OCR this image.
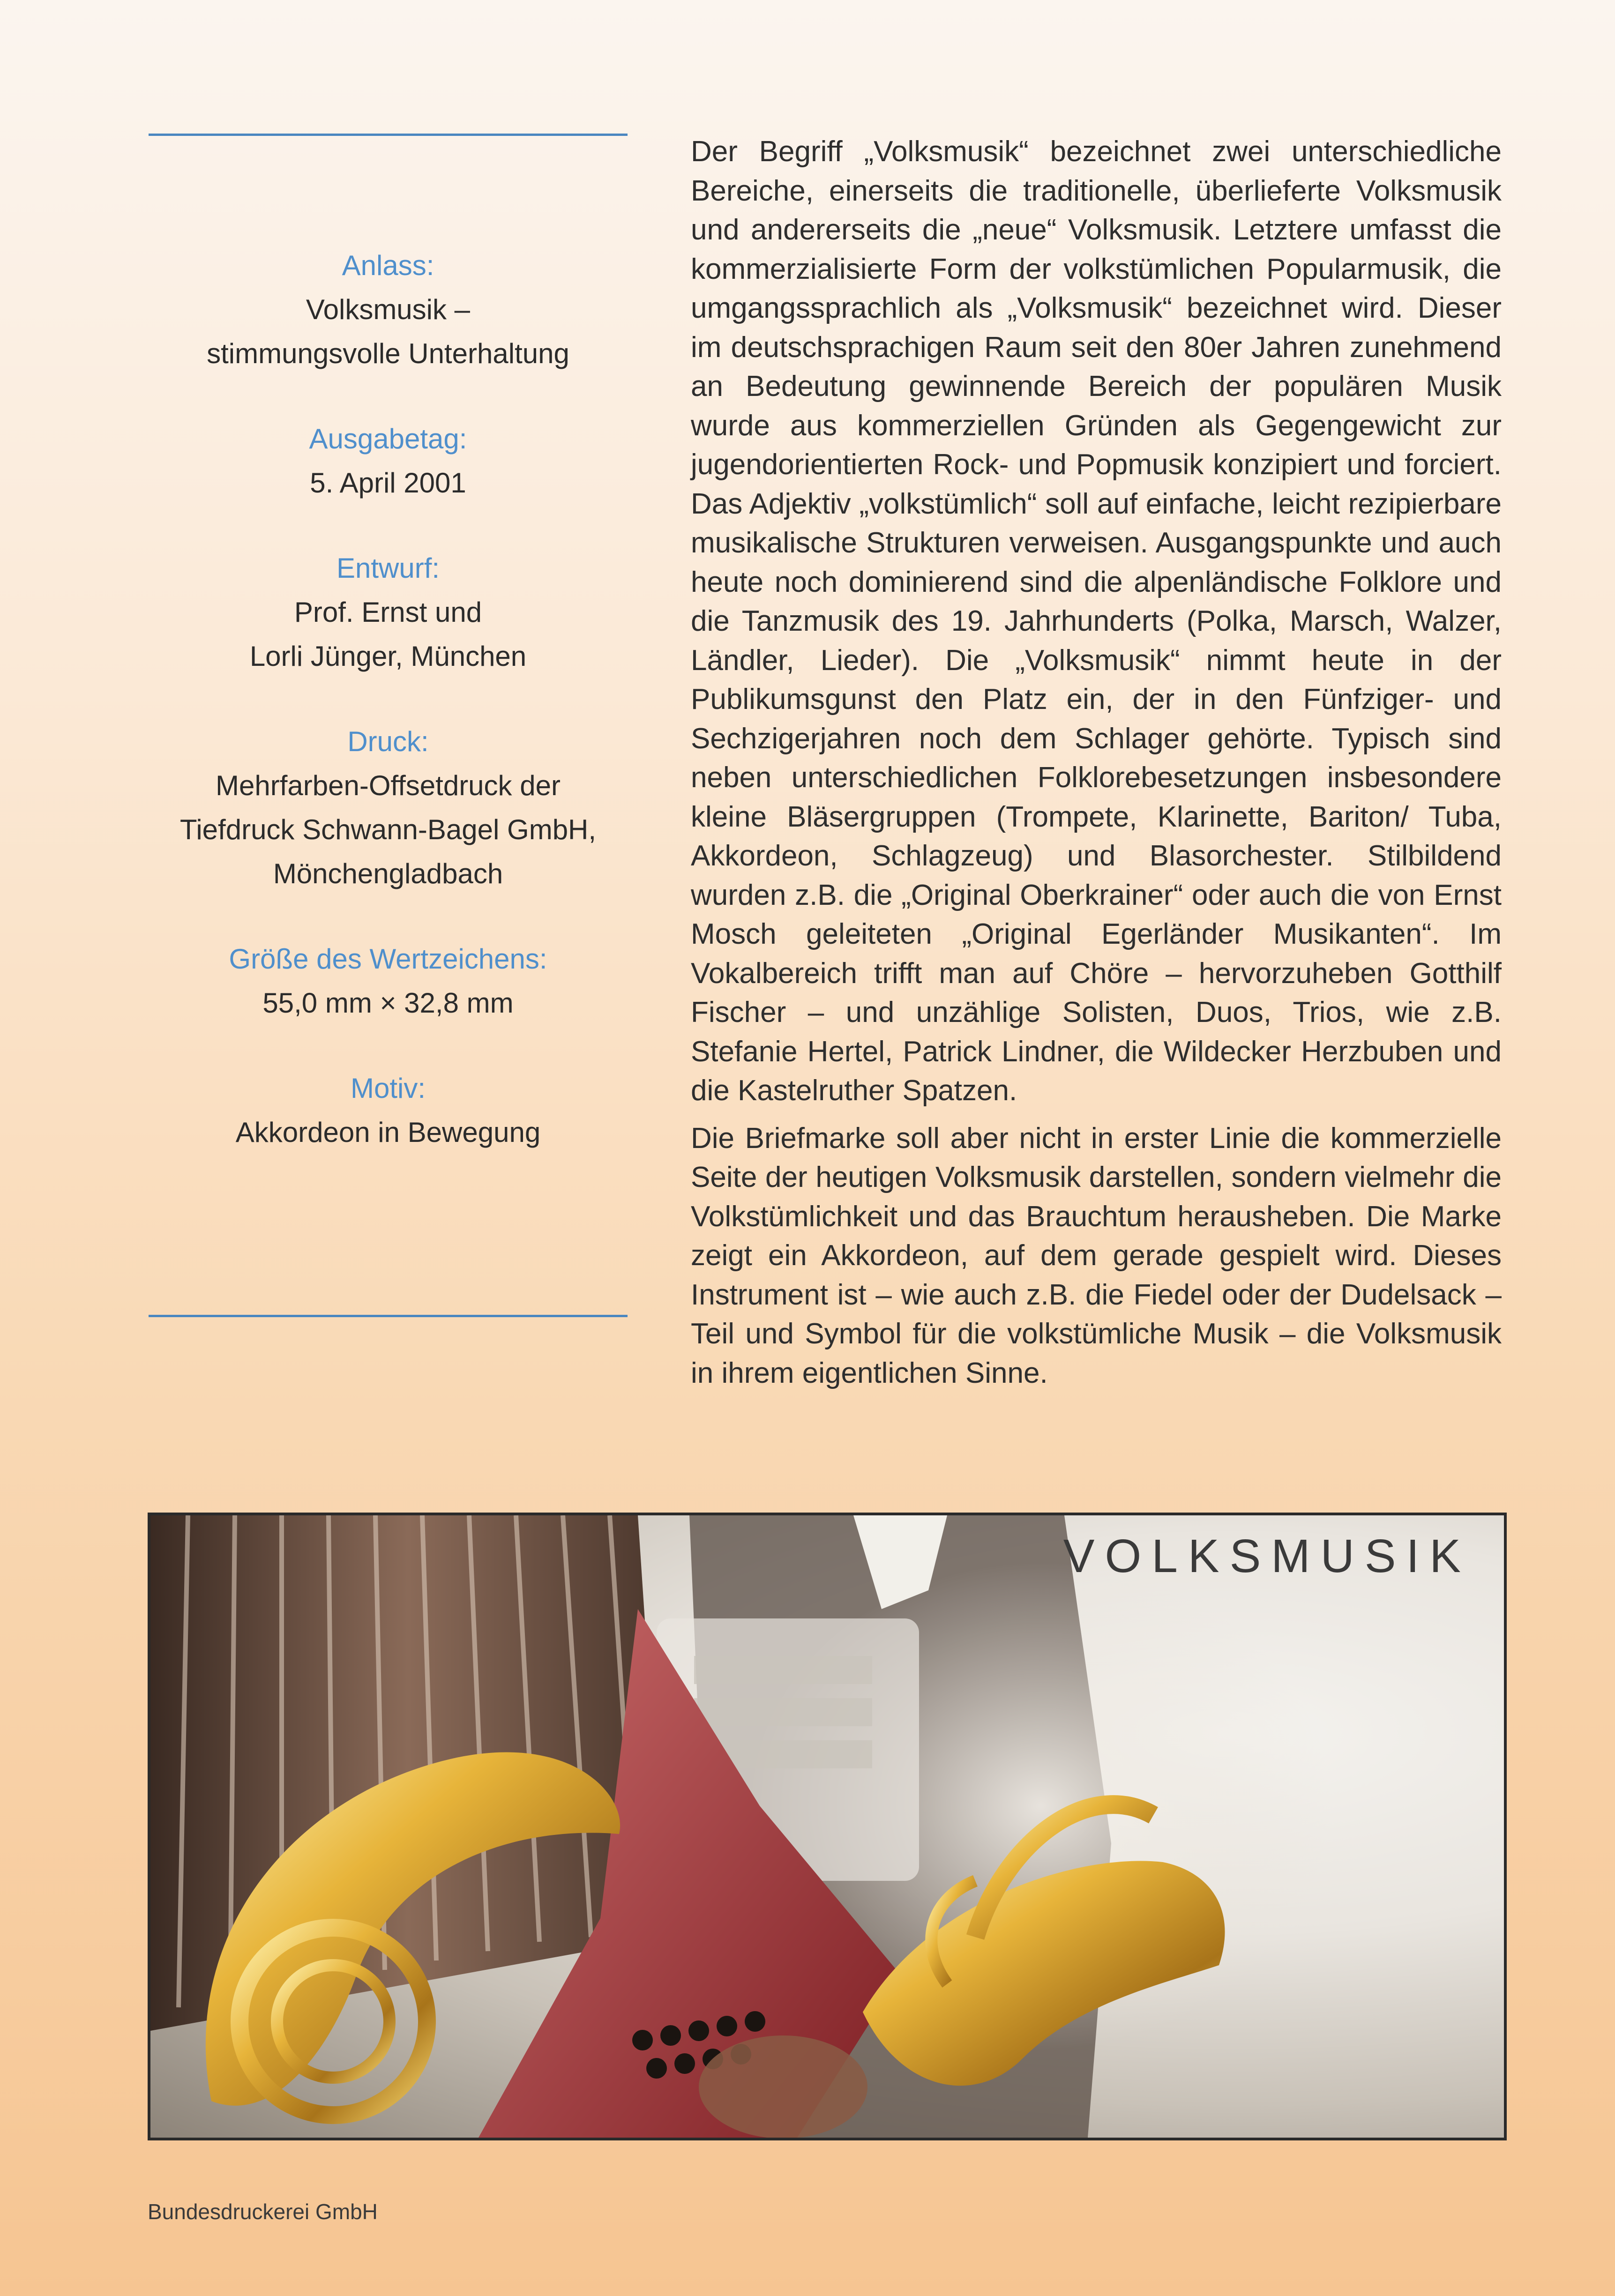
Anlass:

Volksmusik –

stimmungsvolle Unterhaltung

Ausgabetag:

5. April 2001

Entwurf:

Prof. Ernst und

Lorli Jünger, München

Druck:

Mehrfarben-Offsetdruck der

Tiefdruck Schwann-Bagel GmbH,

Mönchengladbach

Größe des Wertzeichens:

55,0 mm × 32,8 mm

Motiv:

Akkordeon in Bewegung

Der Begriff „Volksmusik“ bezeichnet zwei unterschiedliche Bereiche, einerseits die traditionelle, überlieferte Volksmusik und andererseits die „neue“ Volksmusik. Letztere umfasst die kommerzialisierte Form der volkstümlichen Popularmusik, die umgangssprachlich als „Volksmusik“ bezeichnet wird. Dieser im deutschsprachigen Raum seit den 80er Jahren zunehmend an Bedeutung gewinnende Bereich der populären Musik wurde aus kommerziellen Gründen als Gegengewicht zur jugendorientierten Rock- und Popmusik konzipiert und forciert. Das Adjektiv „volkstümlich“ soll auf einfache, leicht rezipierbare musikalische Strukturen verweisen. Ausgangspunkte und auch heute noch dominierend sind die alpenländische Folklore und die Tanzmusik des 19. Jahrhunderts (Polka, Marsch, Walzer, Ländler, Lieder). Die „Volksmusik“ nimmt heute in der Publikumsgunst den Platz ein, der in den Fünfziger- und Sechzigerjahren noch dem Schlager gehörte. Typisch sind neben unterschiedlichen Folklorebesetzungen insbesondere kleine Bläsergruppen (Trompete, Klarinette, Bariton/ Tuba, Akkordeon, Schlagzeug) und Blasorchester. Stilbildend wurden z.B. die „Original Oberkrainer“ oder auch die von Ernst Mosch geleiteten „Original Egerländer Musikanten“. Im Vokalbereich trifft man auf Chöre – hervorzuheben Gotthilf Fischer – und unzählige Solisten, Duos, Trios, wie z.B. Stefanie Hertel, Patrick Lindner, die Wildecker Herzbuben und die Kastelruther Spatzen.

Die Briefmarke soll aber nicht in erster Linie die kommerzielle Seite der heutigen Volksmusik darstellen, sondern vielmehr die Volkstümlichkeit und das Brauchtum herausheben. Die Marke zeigt ein Akkordeon, auf dem gerade gespielt wird. Dieses Instrument ist – wie auch z.B. die Fiedel oder der Dudelsack – Teil und Symbol für die volkstümliche Musik – die Volksmusik in ihrem eigentlichen Sinne.

VOLKSMUSIK
Bundesdruckerei GmbH
